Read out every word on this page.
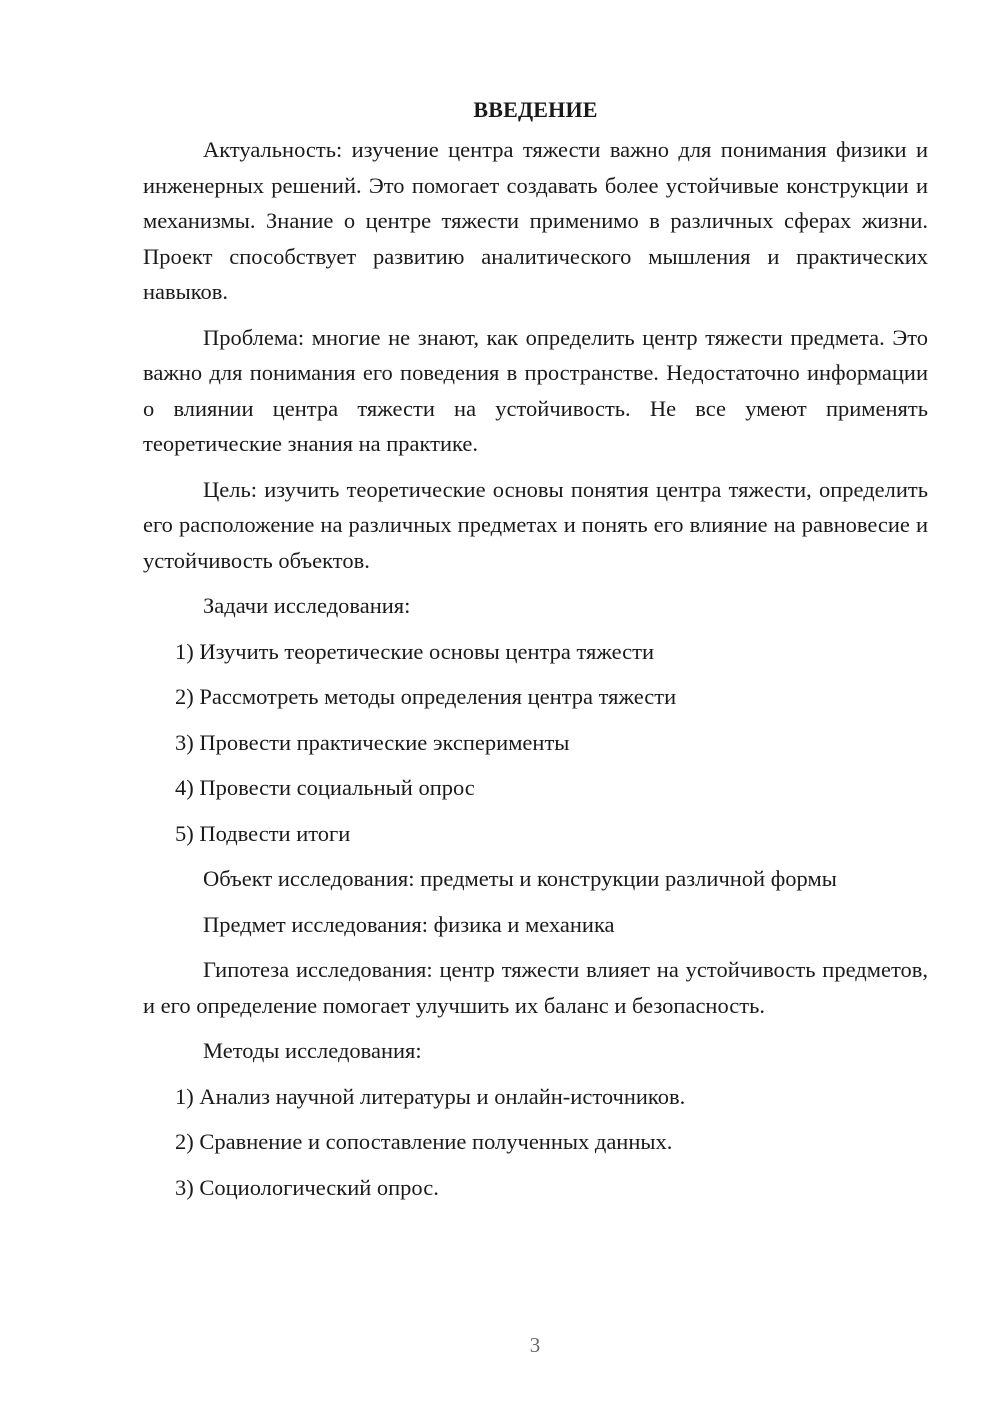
ВВЕДЕНИЕ

Актуальность: изучение центра тяжести важно для понимания физики и инженерных решений. Это помогает создавать более устойчивые конструкции и механизмы. Знание о центре тяжести применимо в различных сферах жизни. Проект способствует развитию аналитического мышления и практических навыков.

Проблема: многие не знают, как определить центр тяжести предмета. Это важно для понимания его поведения в пространстве. Недостаточно информации о влиянии центра тяжести на устойчивость. Не все умеют применять теоретические знания на практике.

Цель: изучить теоретические основы понятия центра тяжести, определить его расположение на различных предметах и понять его влияние на равновесие и устойчивость объектов.

Задачи исследования:
1) Изучить теоретические основы центра тяжести
2) Рассмотреть методы определения центра тяжести
3) Провести практические эксперименты
4) Провести социальный опрос
5) Подвести итоги
Объект исследования: предметы и конструкции различной формы
Предмет исследования: физика и механика

Гипотеза исследования: центр тяжести влияет на устойчивость предметов, и его определение помогает улучшить их баланс и безопасность.

Методы исследования:
1) Анализ научной литературы и онлайн-источников.
2) Сравнение и сопоставление полученных данных.
3) Социологический опрос.
3
